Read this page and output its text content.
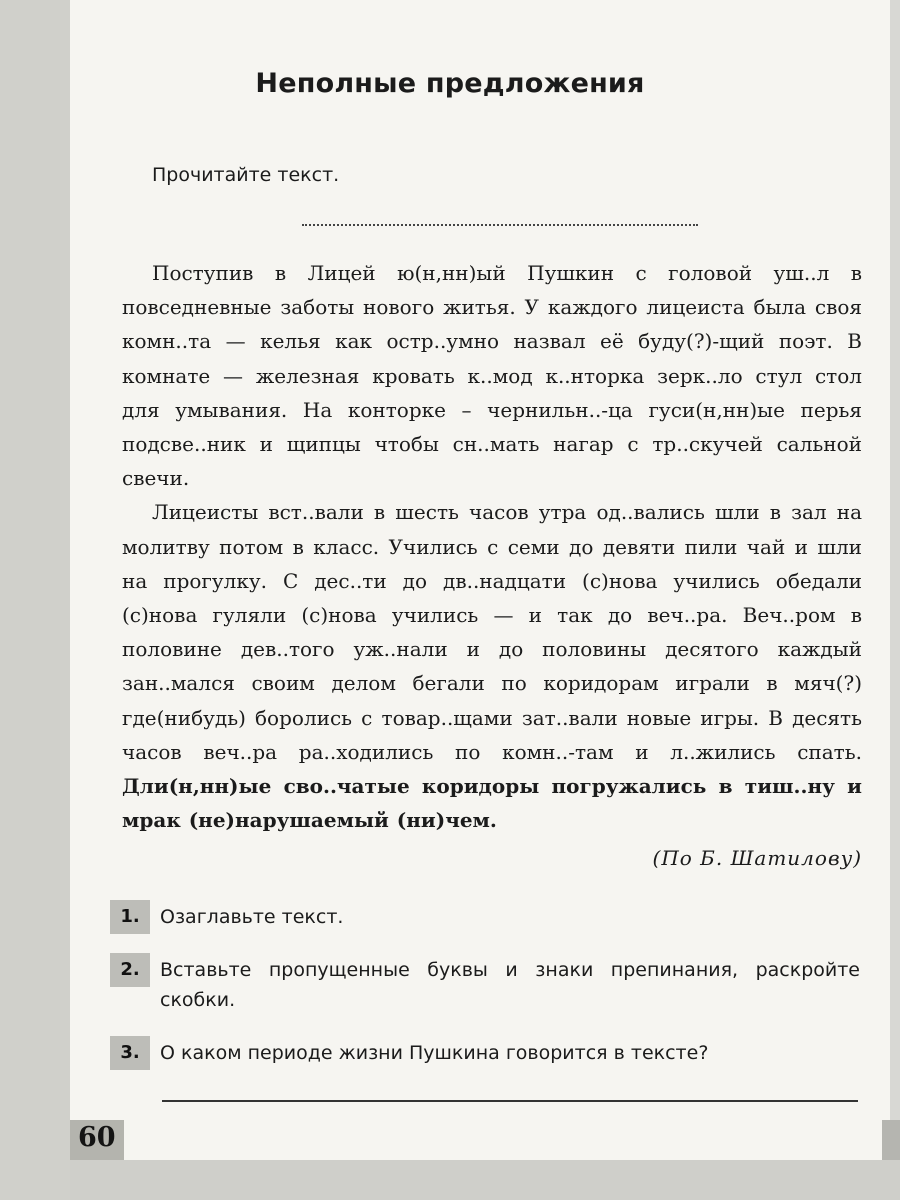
Неполные предложения
Прочитайте текст.

Поступив в Лицей ю(н,нн)ый Пушкин с головой уш..л в повседневные заботы нового житья. У каждого лицеиста была своя комн..та — келья как остр..умно назвал её буду(?)-щий поэт. В комнате — железная кровать к..мод к..нторка зерк..ло стул стол для умывания. На конторке – чернильн..-ца гуси(н,нн)ые перья подсве..ник и щипцы чтобы сн..мать нагар с тр..скучей сальной свечи.

Лицеисты вст..вали в шесть часов утра од..вались шли в зал на молитву потом в класс. Учились с семи до девяти пили чай и шли на прогулку. С дес..ти до дв..надцати (с)нова учились обедали (с)нова гуляли (с)нова учились — и так до веч..ра. Веч..ром в половине дев..того уж..нали и до половины десятого каждый зан..мался своим делом бегали по коридорам играли в мяч(?) где(нибудь) боролись с товар..щами зат..вали новые игры. В десять часов веч..ра ра..ходились по комн..-там и л..жились спать. Дли(н,нн)ые сво..чатые коридоры погружались в тиш..ну и мрак (не)нарушаемый (ни)чем.

(По Б. Шатилову)
1.	Озаглавьте текст.
2.	Вставьте пропущенные буквы и знаки препинания, раскройте скобки.
3.	О каком периоде жизни Пушкина говорится в тексте?
60
